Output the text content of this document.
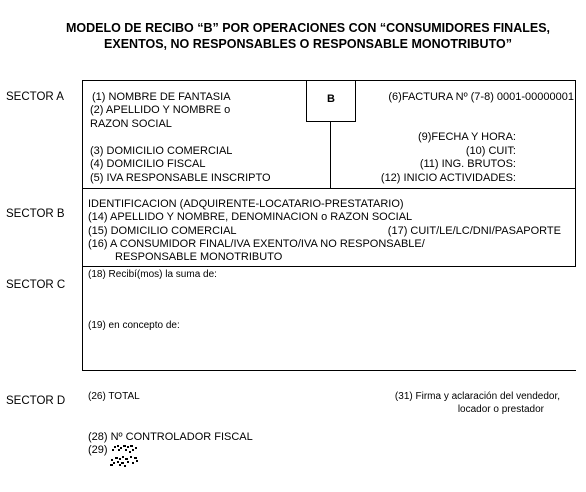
MODELO DE RECIBO “B” POR OPERACIONES CON “CONSUMIDORES FINALES,
EXENTOS, NO RESPONSABLES O RESPONSABLE MONOTRIBUTO”
SECTOR A
SECTOR B
SECTOR C
SECTOR D
B
(1) NOMBRE DE FANTASIA
(2) APELLIDO Y NOMBRE o
RAZON SOCIAL
(3) DOMICILIO COMERCIAL
(4) DOMICILIO FISCAL
(5) IVA RESPONSABLE INSCRIPTO
(6)FACTURA Nº (7-8) 0001-00000001
(9)FECHA Y HORA:
(10) CUIT:
(11) ING. BRUTOS:
(12) INICIO ACTIVIDADES:
IDENTIFICACION (ADQUIRENTE-LOCATARIO-PRESTATARIO)
(14) APELLIDO Y NOMBRE, DENOMINACION o RAZON SOCIAL
(15) DOMICILIO COMERCIAL	(17) CUIT/LE/LC/DNI/PASAPORTE
(16) A CONSUMIDOR FINAL/IVA EXENTO/IVA NO RESPONSABLE/
RESPONSABLE MONOTRIBUTO
(18) Recibí(mos) la suma de:
(19) en concepto de:
(26) TOTAL	(31) Firma y aclaración del vendedor,
locador o prestador
(28) Nº CONTROLADOR FISCAL
(29)
